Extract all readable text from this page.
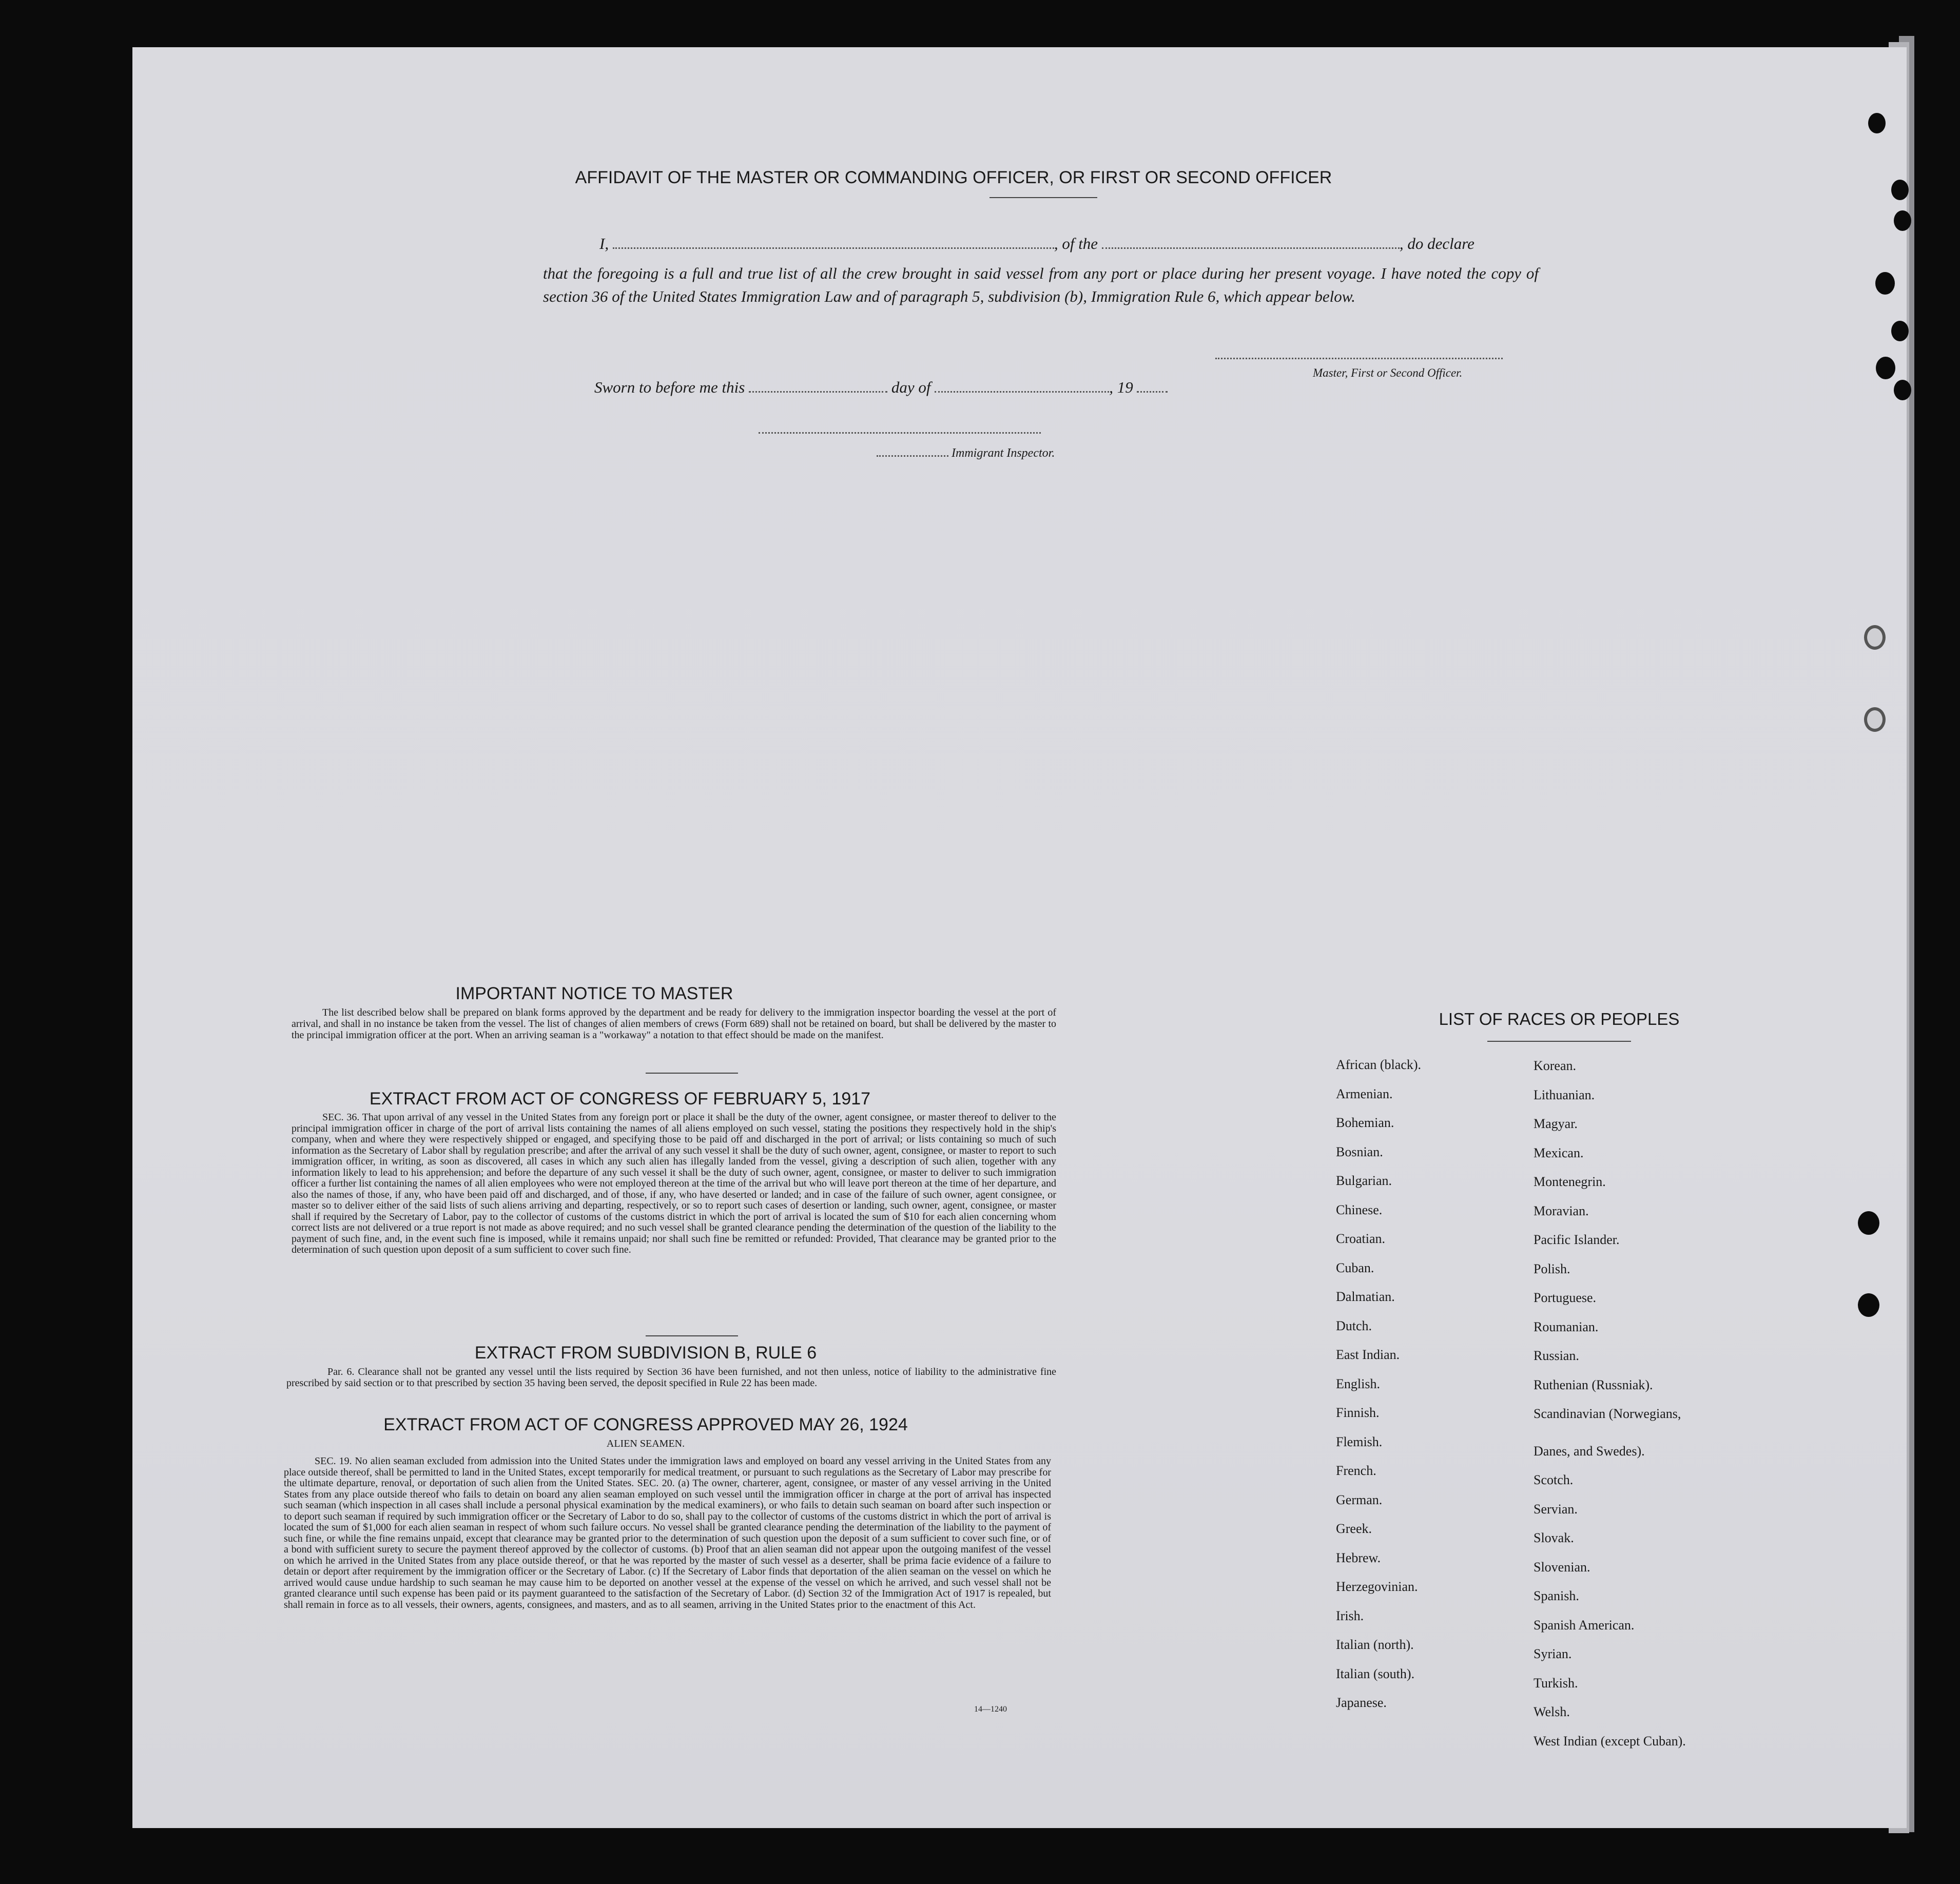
AFFIDAVIT OF THE MASTER OR COMMANDING OFFICER, OR FIRST OR SECOND OFFICER
I,	, of the	, do declare
that the foregoing is a full and true list of all the crew brought in said vessel from any port or place during her present voyage. I have noted the copy of section 36 of the United States Immigration Law and of paragraph 5, subdivision (b), Immigration Rule 6, which appear below.
Master, First or Second Officer.
Sworn to before me this	day of	, 19
Immigrant Inspector.
IMPORTANT NOTICE TO MASTER
The list described below shall be prepared on blank forms approved by the department and be ready for delivery to the immigration inspector boarding the vessel at the port of arrival, and shall in no instance be taken from the vessel. The list of changes of alien members of crews (Form 689) shall not be retained on board, but shall be delivered by the master to the principal immigration officer at the port. When an arriving seaman is a "workaway" a notation to that effect should be made on the manifest.
EXTRACT FROM ACT OF CONGRESS OF FEBRUARY 5, 1917
SEC. 36. That upon arrival of any vessel in the United States from any foreign port or place it shall be the duty of the owner, agent consignee, or master thereof to deliver to the principal immigration officer in charge of the port of arrival lists containing the names of all aliens employed on such vessel, stating the positions they respectively hold in the ship's company, when and where they were respectively shipped or engaged, and specifying those to be paid off and discharged in the port of arrival; or lists containing so much of such information as the Secretary of Labor shall by regulation prescribe; and after the arrival of any such vessel it shall be the duty of such owner, agent, consignee, or master to report to such immigration officer, in writing, as soon as discovered, all cases in which any such alien has illegally landed from the vessel, giving a description of such alien, together with any information likely to lead to his apprehension; and before the departure of any such vessel it shall be the duty of such owner, agent, consignee, or master to deliver to such immigration officer a further list containing the names of all alien employees who were not employed thereon at the time of the arrival but who will leave port thereon at the time of her departure, and also the names of those, if any, who have been paid off and discharged, and of those, if any, who have deserted or landed; and in case of the failure of such owner, agent consignee, or master so to deliver either of the said lists of such aliens arriving and departing, respectively, or so to report such cases of desertion or landing, such owner, agent, consignee, or master shall if required by the Secretary of Labor, pay to the collector of customs of the customs district in which the port of arrival is located the sum of $10 for each alien concerning whom correct lists are not delivered or a true report is not made as above required; and no such vessel shall be granted clearance pending the determination of the question of the liability to the payment of such fine, and, in the event such fine is imposed, while it remains unpaid; nor shall such fine be remitted or refunded: Provided, That clearance may be granted prior to the determination of such question upon deposit of a sum sufficient to cover such fine.
EXTRACT FROM SUBDIVISION B, RULE 6
Par. 6. Clearance shall not be granted any vessel until the lists required by Section 36 have been furnished, and not then unless, notice of liability to the administrative fine prescribed by said section or to that prescribed by section 35 having been served, the deposit specified in Rule 22 has been made.
EXTRACT FROM ACT OF CONGRESS APPROVED MAY 26, 1924
ALIEN SEAMEN.
SEC. 19. No alien seaman excluded from admission into the United States under the immigration laws and employed on board any vessel arriving in the United States from any place outside thereof, shall be permitted to land in the United States, except temporarily for medical treatment, or pursuant to such regulations as the Secretary of Labor may prescribe for the ultimate departure, renoval, or deportation of such alien from the United States. SEC. 20. (a) The owner, charterer, agent, consignee, or master of any vessel arriving in the United States from any place outside thereof who fails to detain on board any alien seaman employed on such vessel until the immigration officer in charge at the port of arrival has inspected such seaman (which inspection in all cases shall include a personal physical examination by the medical examiners), or who fails to detain such seaman on board after such inspection or to deport such seaman if required by such immigration officer or the Secretary of Labor to do so, shall pay to the collector of customs of the customs district in which the port of arrival is located the sum of $1,000 for each alien seaman in respect of whom such failure occurs. No vessel shall be granted clearance pending the determination of the liability to the payment of such fine, or while the fine remains unpaid, except that clearance may be granted prior to the determination of such question upon the deposit of a sum sufficient to cover such fine, or of a bond with sufficient surety to secure the payment thereof approved by the collector of customs. (b) Proof that an alien seaman did not appear upon the outgoing manifest of the vessel on which he arrived in the United States from any place outside thereof, or that he was reported by the master of such vessel as a deserter, shall be prima facie evidence of a failure to detain or deport after requirement by the immigration officer or the Secretary of Labor. (c) If the Secretary of Labor finds that deportation of the alien seaman on the vessel on which he arrived would cause undue hardship to such seaman he may cause him to be deported on another vessel at the expense of the vessel on which he arrived, and such vessel shall not be granted clearance until such expense has been paid or its payment guaranteed to the satisfaction of the Secretary of Labor. (d) Section 32 of the Immigration Act of 1917 is repealed, but shall remain in force as to all vessels, their owners, agents, consignees, and masters, and as to all seamen, arriving in the United States prior to the enactment of this Act.
14—1240
LIST OF RACES OR PEOPLES
African (black).
Armenian.
Bohemian.
Bosnian.
Bulgarian.
Chinese.
Croatian.
Cuban.
Dalmatian.
Dutch.
East Indian.
English.
Finnish.
Flemish.
French.
German.
Greek.
Hebrew.
Herzegovinian.
Irish.
Italian (north).
Italian (south).
Japanese.
Korean.
Lithuanian.
Magyar.
Mexican.
Montenegrin.
Moravian.
Pacific Islander.
Polish.
Portuguese.
Roumanian.
Russian.
Ruthenian (Russniak).
Scandinavian (Norwegians,
Danes, and Swedes).
Scotch.
Servian.
Slovak.
Slovenian.
Spanish.
Spanish American.
Syrian.
Turkish.
Welsh.
West Indian (except Cuban).
